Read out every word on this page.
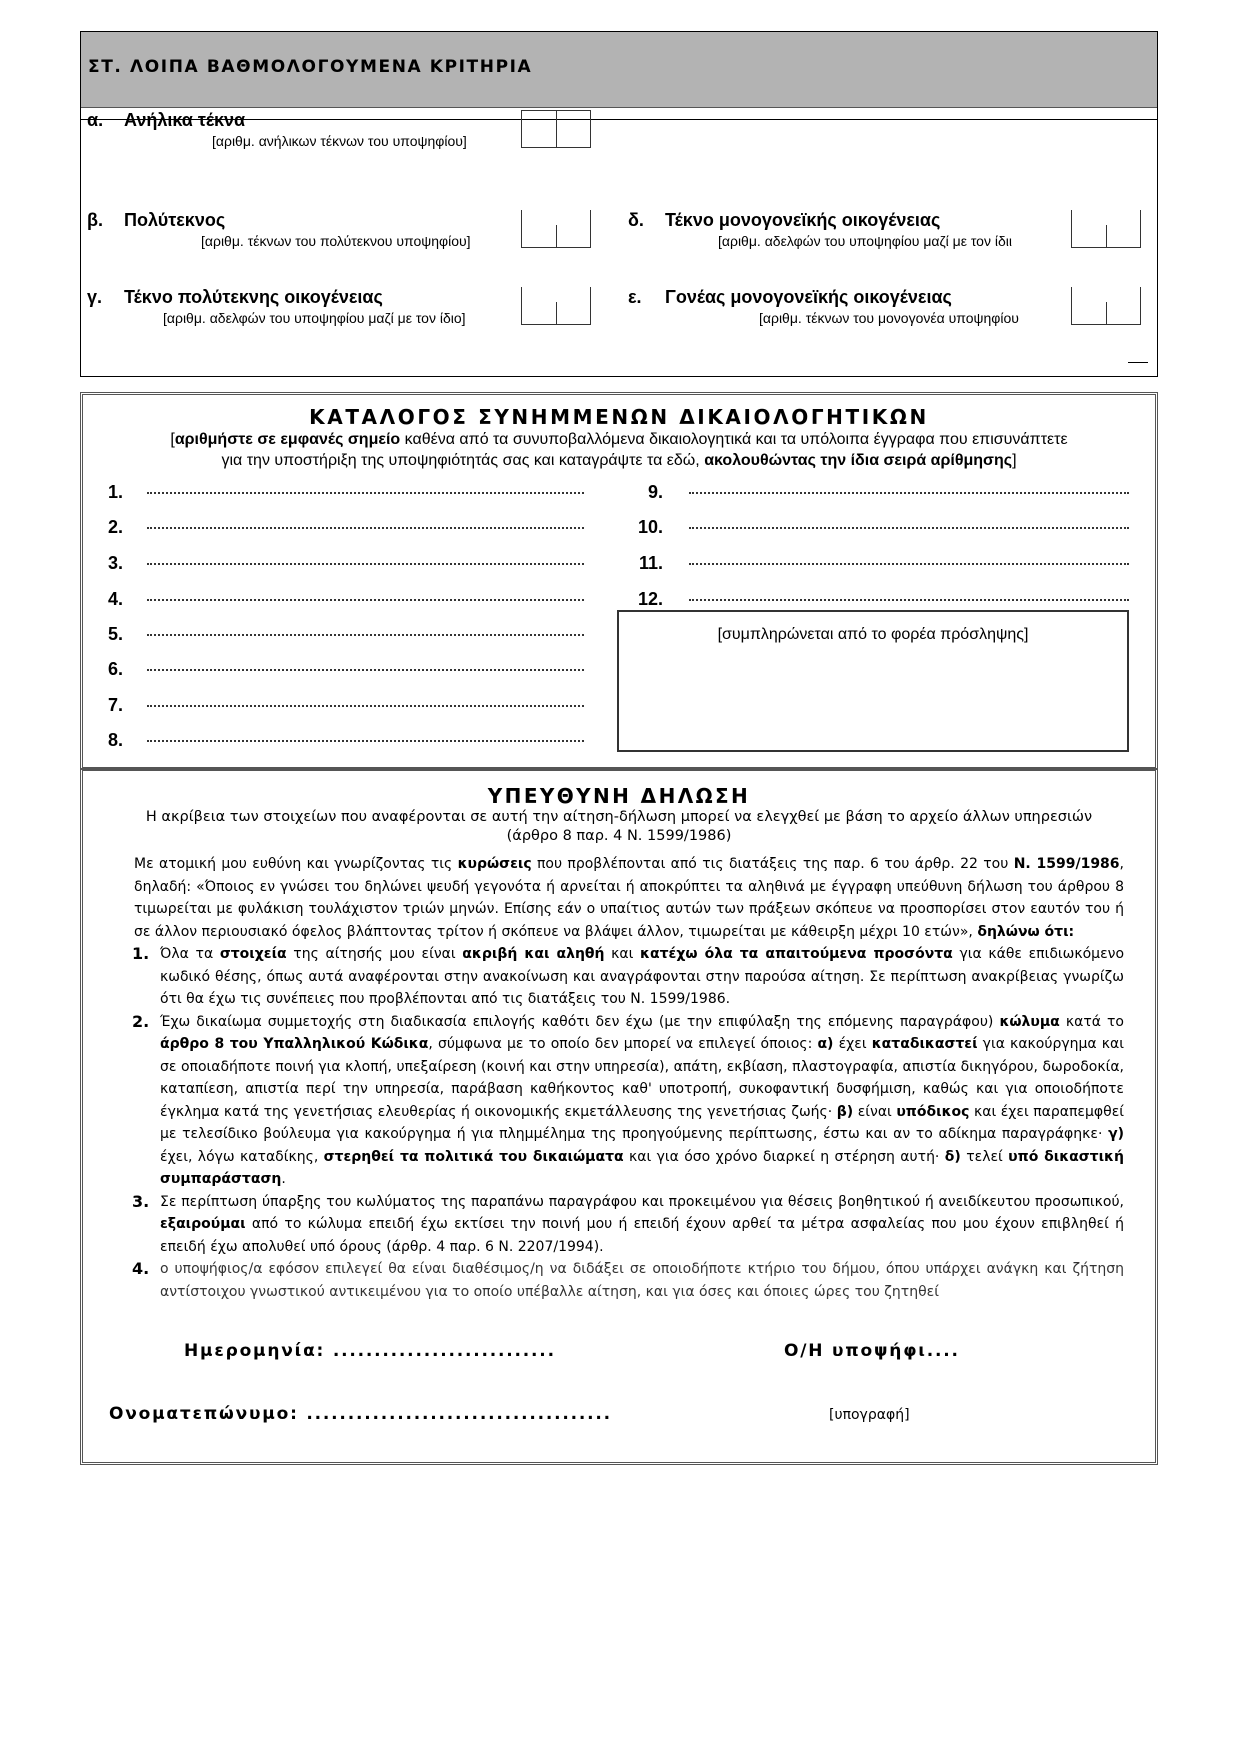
ΣΤ. ΛΟΙΠΑ ΒΑΘΜΟΛΟΓΟΥΜΕΝΑ ΚΡΙΤΗΡΙΑ
α. Ανήλικα τέκνα
[αριθμ. ανήλικων τέκνων του υποψηφίου]
β. Πολύτεκνος
[αριθμ. τέκνων του πολύτεκνου υποψηφίου]
γ. Τέκνο πολύτεκνης οικογένειας
[αριθμ. αδελφών του υποψηφίου μαζί με τον ίδιο]
δ. Τέκνο μονογονεϊκής οικογένειας
[αριθμ. αδελφών του υποψηφίου μαζί με τον ίδιι
ε. Γονέας μονογονεϊκής οικογένειας
[αριθμ. τέκνων του μονογονέα υποψηφίου
ΚΑΤΑΛΟΓΟΣ ΣΥΝΗΜΜΕΝΩΝ ΔΙΚΑΙΟΛΟΓΗΤΙΚΩΝ
[αριθμήστε σε εμφανές σημείο καθένα από τα συνυποβαλλόμενα δικαιολογητικά και τα υπόλοιπα έγγραφα που επισυνάπτετε
για την υποστήριξη της υποψηφιότητάς σας και καταγράψτε τα εδώ, ακολουθώντας την ίδια σειρά αρίθμησης]
1.
2.
3.
4.
5.
6.
7.
8.
9.
10.
11.
12.
[συμπληρώνεται από το φορέα πρόσληψης]
ΥΠΕΥΘΥΝΗ ΔΗΛΩΣΗ
Η ακρίβεια των στοιχείων που αναφέρονται σε αυτή την αίτηση-δήλωση μπορεί να ελεγχθεί με βάση το αρχείο άλλων υπηρεσιών
(άρθρο 8 παρ. 4 Ν. 1599/1986)

Με ατομική μου ευθύνη και γνωρίζοντας τις κυρώσεις που προβλέπονται από τις διατάξεις της παρ. 6 του άρθρ. 22 του Ν. 1599/1986, δηλαδή: «Όποιος εν γνώσει του δηλώνει ψευδή γεγονότα ή αρνείται ή αποκρύπτει τα αληθινά με έγγραφη υπεύθυνη δήλωση του άρθρου 8 τιμωρείται με φυλάκιση τουλάχιστον τριών μηνών. Επίσης εάν ο υπαίτιος αυτών των πράξεων σκόπευε να προσπορίσει στον εαυτόν του ή σε άλλον περιουσιακό όφελος βλάπτοντας τρίτον ή σκόπευε να βλάψει άλλον, τιμωρείται με κάθειρξη μέχρι 10 ετών», δηλώνω ότι:

1. Όλα τα στοιχεία της αίτησής μου είναι ακριβή και αληθή και κατέχω όλα τα απαιτούμενα προσόντα για κάθε επιδιωκόμενο κωδικό θέσης, όπως αυτά αναφέρονται στην ανακοίνωση και αναγράφονται στην παρούσα αίτηση. Σε περίπτωση ανακρίβειας γνωρίζω ότι θα έχω τις συνέπειες που προβλέπονται από τις διατάξεις του Ν. 1599/1986.

2. Έχω δικαίωμα συμμετοχής στη διαδικασία επιλογής καθότι δεν έχω (με την επιφύλαξη της επόμενης παραγράφου) κώλυμα κατά το άρθρο 8 του Υπαλληλικού Κώδικα, σύμφωνα με το οποίο δεν μπορεί να επιλεγεί όποιος: α) έχει καταδικαστεί για κακούργημα και σε οποιαδήποτε ποινή για κλοπή, υπεξαίρεση (κοινή και στην υπηρεσία), απάτη, εκβίαση, πλαστογραφία, απιστία δικηγόρου, δωροδοκία, καταπίεση, απιστία περί την υπηρεσία, παράβαση καθήκοντος καθ' υποτροπή, συκοφαντική δυσφήμιση, καθώς και για οποιοδήποτε έγκλημα κατά της γενετήσιας ελευθερίας ή οικονομικής εκμετάλλευσης της γενετήσιας ζωής· β) είναι υπόδικος και έχει παραπεμφθεί με τελεσίδικο βούλευμα για κακούργημα ή για πλημμέλημα της προηγούμενης περίπτωσης, έστω και αν το αδίκημα παραγράφηκε· γ) έχει, λόγω καταδίκης, στερηθεί τα πολιτικά του δικαιώματα και για όσο χρόνο διαρκεί η στέρηση αυτή· δ) τελεί υπό δικαστική συμπαράσταση.

3. Σε περίπτωση ύπαρξης του κωλύματος της παραπάνω παραγράφου και προκειμένου για θέσεις βοηθητικού ή ανειδίκευτου προσωπικού, εξαιρούμαι από το κώλυμα επειδή έχω εκτίσει την ποινή μου ή επειδή έχουν αρθεί τα μέτρα ασφαλείας που μου έχουν επιβληθεί ή επειδή έχω απολυθεί υπό όρους (άρθρ. 4 παρ. 6 Ν. 2207/1994).

4. ο υποψήφιος/α εφόσον επιλεγεί θα είναι διαθέσιμος/η να διδάξει σε οποιοδήποτε κτήριο του δήμου, όπου υπάρχει ανάγκη και ζήτηση αντίστοιχου γνωστικού αντικειμένου για το οποίο υπέβαλλε αίτηση, και για όσες και όποιες ώρες του ζητηθεί

Ημερομηνία: ...........................	Ο/Η υποψήφι....
Ονοματεπώνυμο: .....................................	[υπογραφή]
